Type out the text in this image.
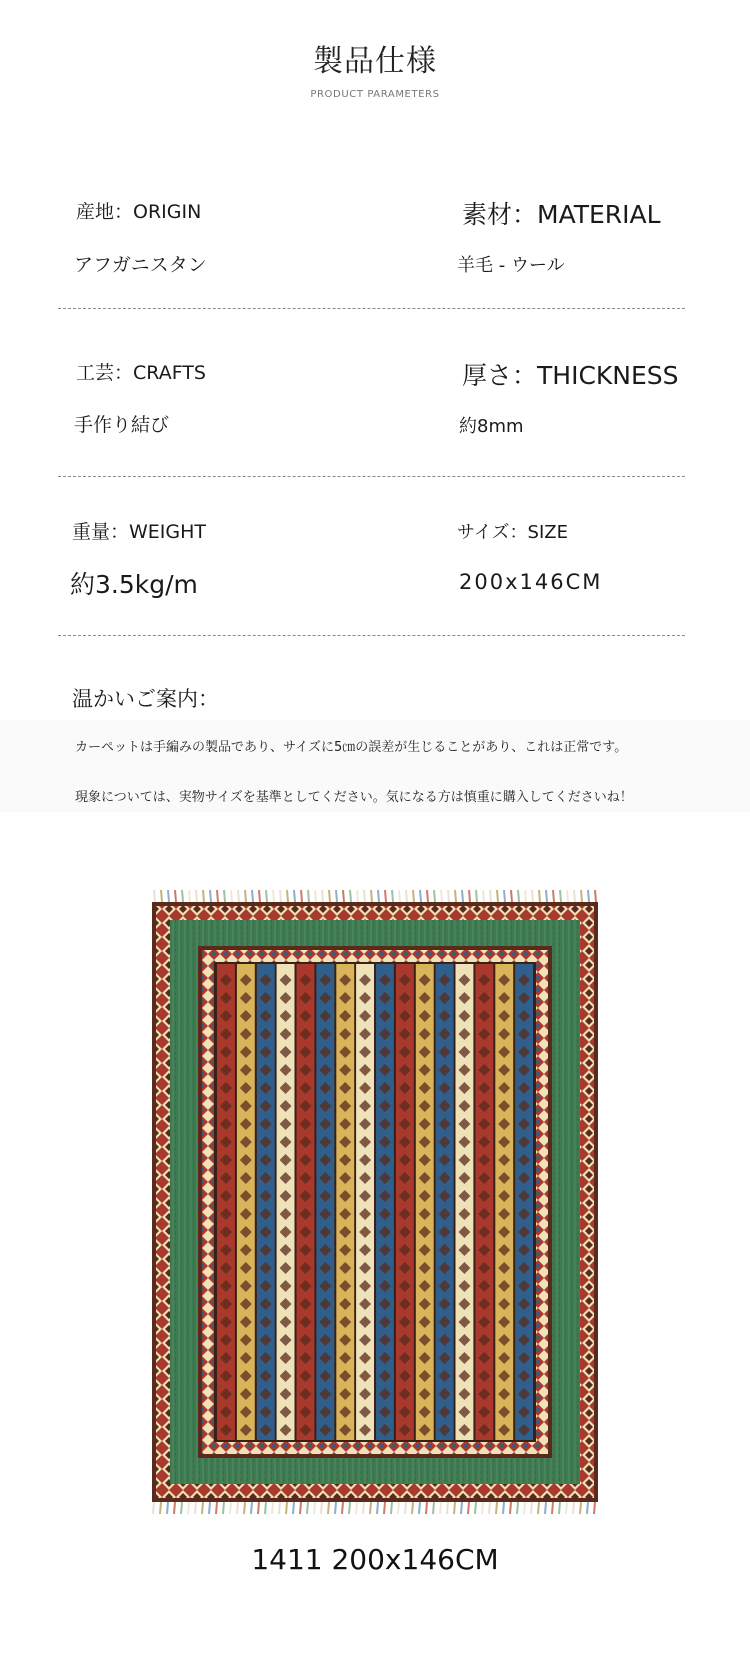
製品仕様
PRODUCT PARAMETERS
産地：ORIGIN	素材：MATERIAL
アフガニスタン	羊毛 - ウール
工芸：CRAFTS	厚さ：THICKNESS
手作り結び	約8mm
重量：WEIGHT	サイズ：SIZE
約3.5kg/m	200x146CM
温かいご案内：
カーペットは手編みの製品であり、サイズに5㎝の誤差が生じることがあり、これは正常です。
現象については、実物サイズを基準としてください。気になる方は慎重に購入してくださいね！
1411 200x146CM
